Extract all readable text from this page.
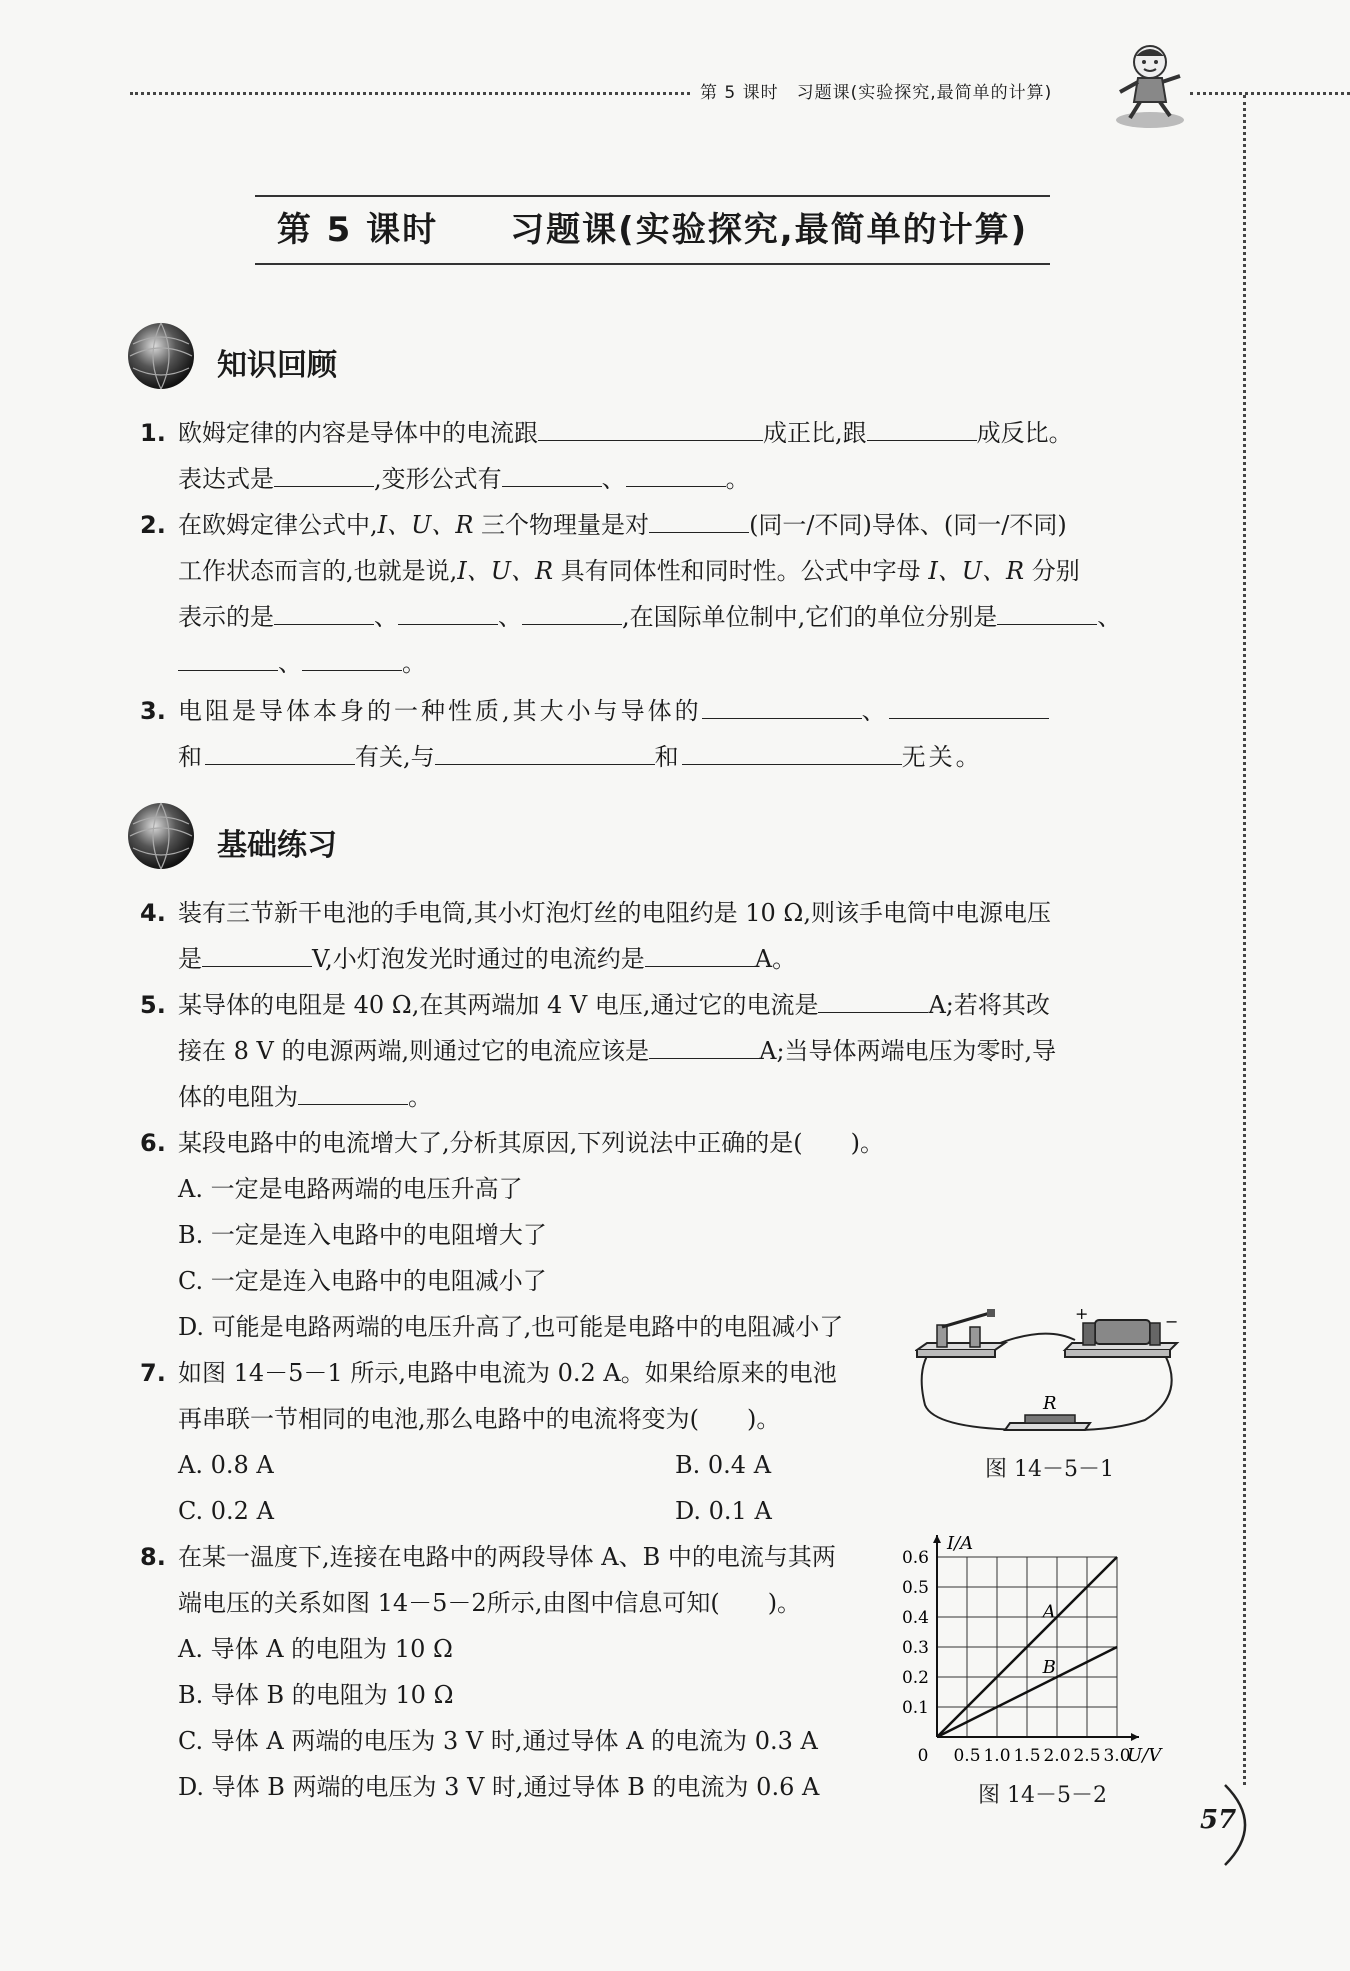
第 5 课时　习题课(实验探究,最简单的计算)
第 5 课时　　习题课(实验探究,最简单的计算)
知识回顾
1. 欧姆定律的内容是导体中的电流跟	成正比,跟	成反比。
表达式是	,变形公式有	、	。
2. 在欧姆定律公式中,I、U、R 三个物理量是对	(同一/不同)导体、(同一/不同)
工作状态而言的,也就是说,I、U、R 具有同体性和同时性。公式中字母 I、U、R 分别
表示的是	、	、	,在国际单位制中,它们的单位分别是	、
、	。
3. 电阻是导体本身的一种性质,其大小与导体的	、
和	有关,与	和	无关。
基础练习
4. 装有三节新干电池的手电筒,其小灯泡灯丝的电阻约是 10 Ω,则该手电筒中电源电压
是	V,小灯泡发光时通过的电流约是	A。
5. 某导体的电阻是 40 Ω,在其两端加 4 V 电压,通过它的电流是	A;若将其改
接在 8 V 的电源两端,则通过它的电流应该是	A;当导体两端电压为零时,导
体的电阻为	。
6. 某段电路中的电流增大了,分析其原因,下列说法中正确的是(　　)。
A. 一定是电路两端的电压升高了
B. 一定是连入电路中的电阻增大了
C. 一定是连入电路中的电阻减小了
D. 可能是电路两端的电压升高了,也可能是电路中的电阻减小了
7. 如图 14－5－1 所示,电路中电流为 0.2 A。如果给原来的电池
再串联一节相同的电池,那么电路中的电流将变为(　　)。
A. 0.8 A	B. 0.4 A
C. 0.2 A	D. 0.1 A
+	−
R
图 14－5－1
8. 在某一温度下,连接在电路中的两段导体 A、B 中的电流与其两
端电压的关系如图 14－5－2所示,由图中信息可知(　　)。
A. 导体 A 的电阻为 10 Ω
B. 导体 B 的电阻为 10 Ω
C. 导体 A 两端的电压为 3 V 时,通过导体 A 的电流为 0.3 A
D. 导体 B 两端的电压为 3 V 时,通过导体 B 的电流为 0.6 A
0.5 1.0 1.5 2.0 2.5 3.0
0.1
0.2
0.3
0.4
0.5
0.6
0
I/A
U/V
A
B
图 14－5－2
57
